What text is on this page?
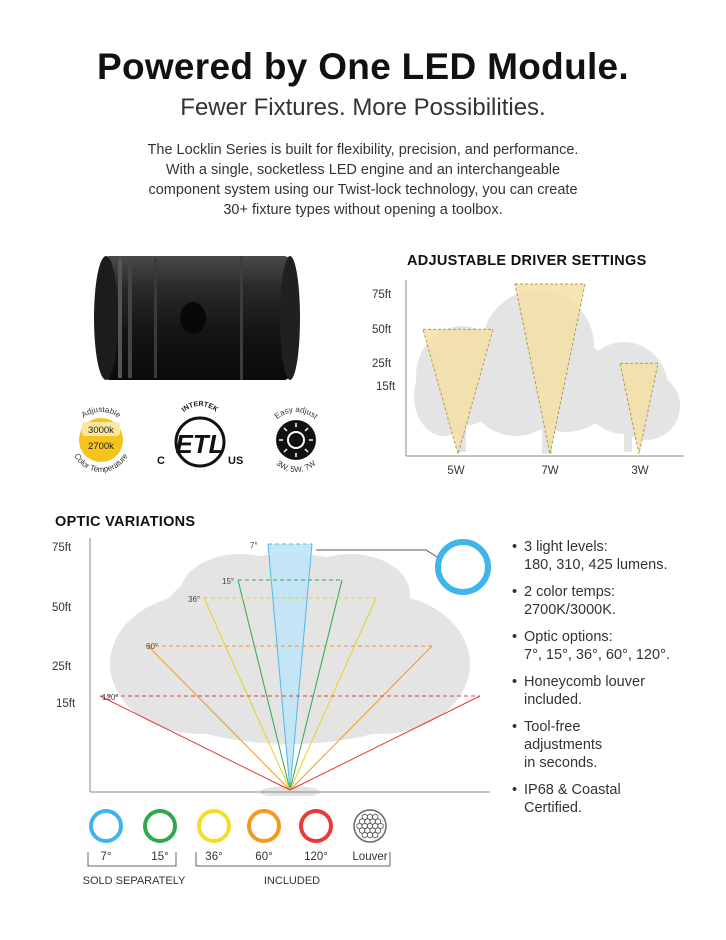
Powered by One LED Module.
Fewer Fixtures. More Possibilities.
The Locklin Series is built for flexibility, precision, and performance.
With a single, socketless LED engine and an interchangeable
component system using our Twist-lock technology, you can create
30+ fixture types without opening a toolbox.
3000k
2700k
Adjustable
Color Temperature
INTERTEK
ETL
C	US
Easy adjust
3W, 5W, 7W
ADJUSTABLE DRIVER SETTINGS
75ft
50ft
25ft
15ft
5W	7W	3W
OPTIC VARIATIONS
75ft
50ft
25ft
15ft
7°
15°
36°
60°
120°
• 3 light levels:
180, 310, 425 lumens.
• 2 color temps:
2700K/3000K.
• Optic options:
7°, 15°, 36°, 60°, 120°.
• Honeycomb louver
included.
• Tool-free
adjustments
in seconds.
• IP68 & Coastal
Certified.
7°	15°	36°	60°	120° Louver
SOLD SEPARATELY	INCLUDED
